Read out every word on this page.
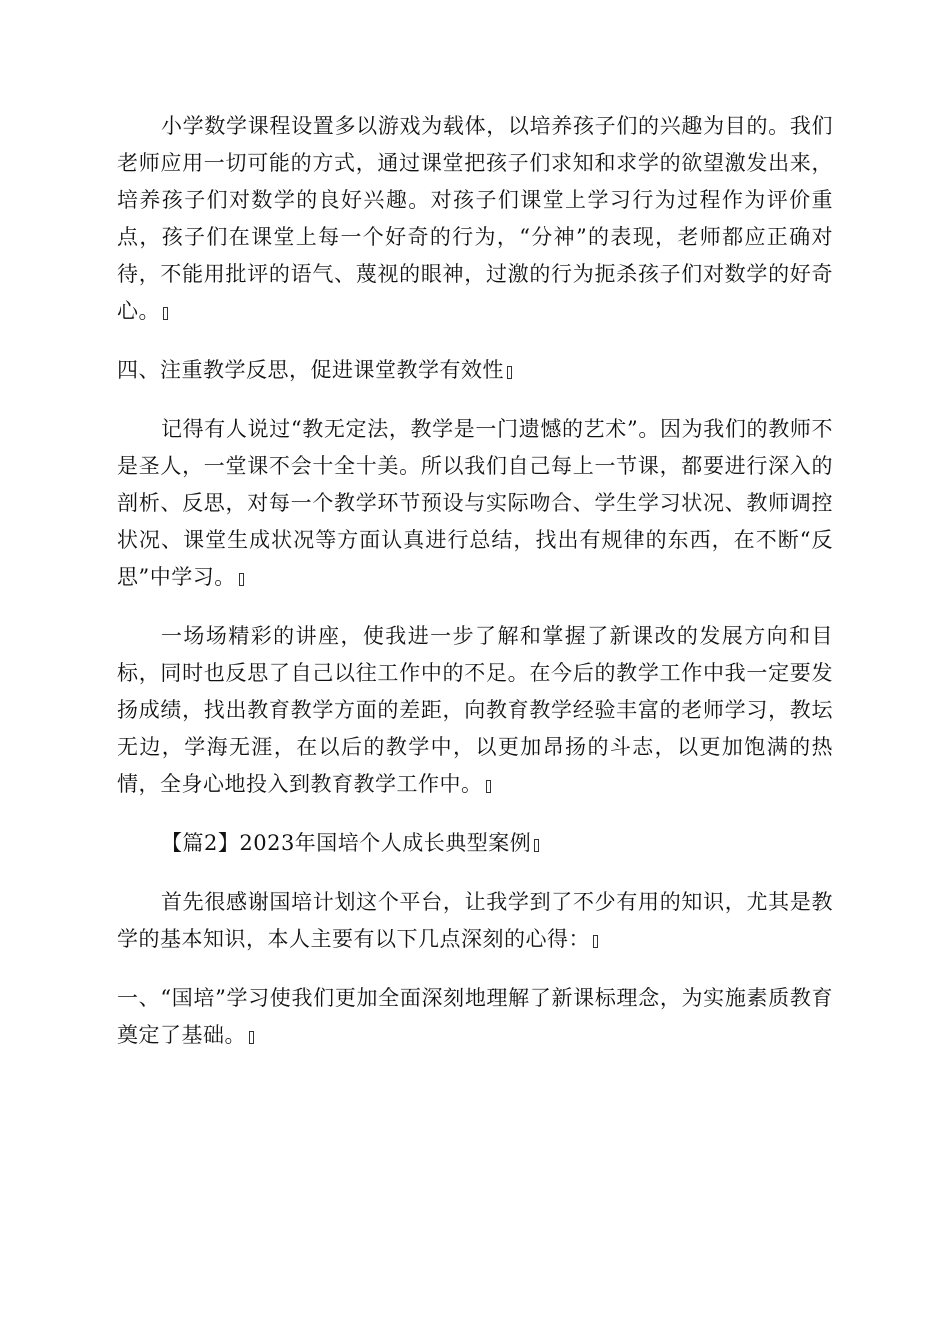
小学数学课程设置多以游戏为载体，以培养孩子们的兴趣为目的。我们老师应用一切可能的方式，通过课堂把孩子们求知和求学的欲望激发出来，培养孩子们对数学的良好兴趣。对孩子们课堂上学习行为过程作为评价重点，孩子们在课堂上每一个好奇的行为，“分神”的表现，老师都应正确对待，不能用批评的语气、蔑视的眼神，过激的行为扼杀孩子们对数学的好奇心。

四、注重教学反思，促进课堂教学有效性

记得有人说过“教无定法，教学是一门遗憾的艺术”。因为我们的教师不是圣人，一堂课不会十全十美。所以我们自己每上一节课，都要进行深入的剖析、反思，对每一个教学环节预设与实际吻合、学生学习状况、教师调控状况、课堂生成状况等方面认真进行总结，找出有规律的东西，在不断“反思”中学习。

一场场精彩的讲座，使我进一步了解和掌握了新课改的发展方向和目标，同时也反思了自己以往工作中的不足。在今后的教学工作中我一定要发扬成绩，找出教育教学方面的差距，向教育教学经验丰富的老师学习，教坛无边，学海无涯，在以后的教学中，以更加昂扬的斗志，以更加饱满的热情，全身心地投入到教育教学工作中。

【篇2】2023年国培个人成长典型案例

首先很感谢国培计划这个平台，让我学到了不少有用的知识，尤其是教学的基本知识，本人主要有以下几点深刻的心得：

一、“国培”学习使我们更加全面深刻地理解了新课标理念，为实施素质教育奠定了基础。
